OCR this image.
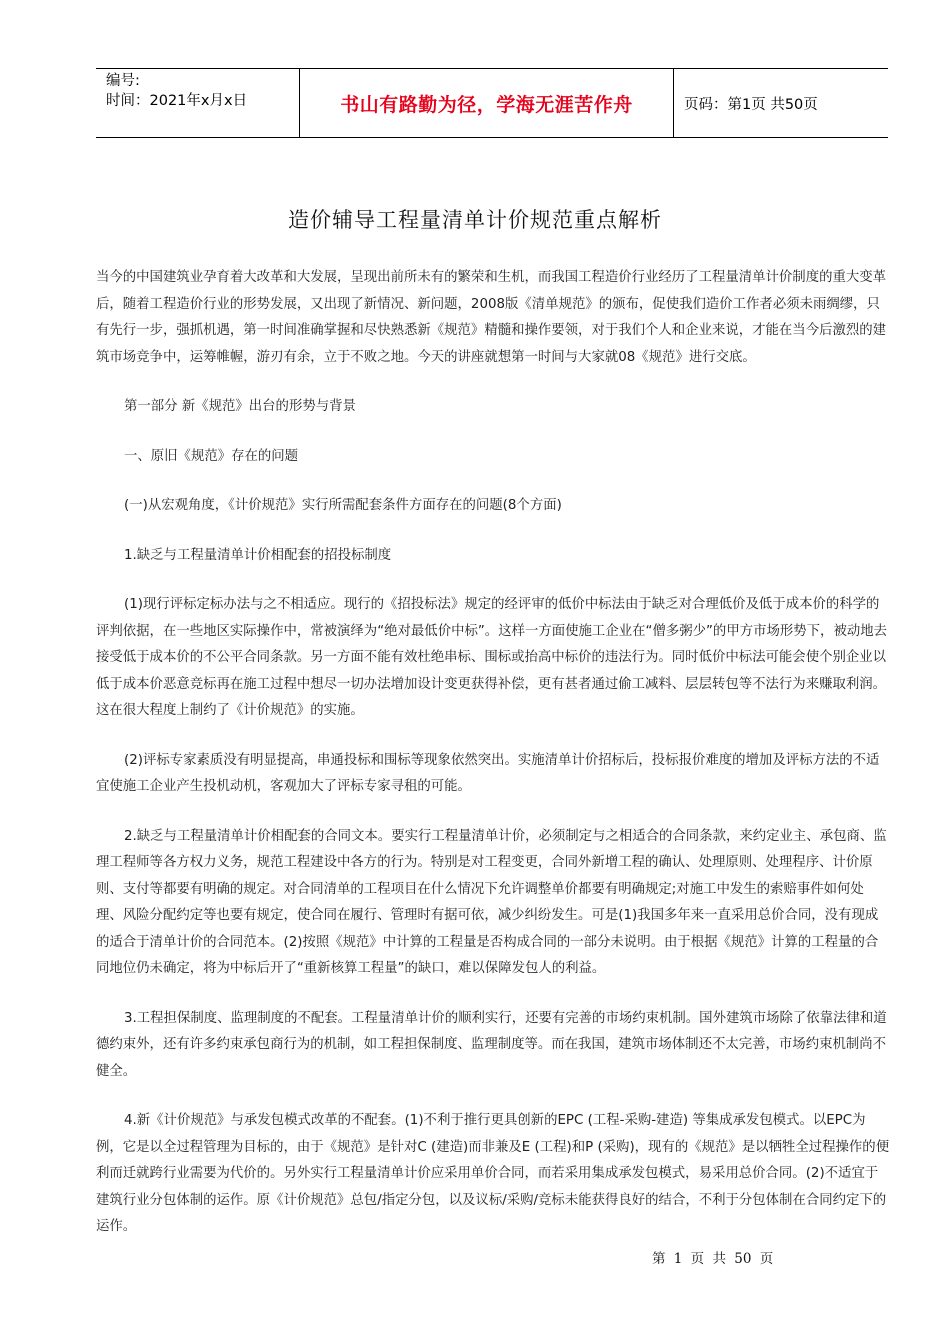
编号:
时间：2021年x月x日	书山有路勤为径，学海无涯苦作舟	页码：第1页 共50页
造价辅导工程量清单计价规范重点解析

当今的中国建筑业孕育着大改革和大发展，呈现出前所未有的繁荣和生机，而我国工程造价行业经历了工程量清单计价制度的重大变革后，随着工程造价行业的形势发展，又出现了新情况、新问题，2008版《清单规范》的颁布，促使我们造价工作者必须未雨绸缪，只有先行一步，强抓机遇，第一时间准确掌握和尽快熟悉新《规范》精髓和操作要领，对于我们个人和企业来说，才能在当今后激烈的建筑市场竞争中，运筹帷幄，游刃有余，立于不败之地。今天的讲座就想第一时间与大家就08《规范》进行交底。

第一部分 新《规范》出台的形势与背景

一、原旧《规范》存在的问题

(一)从宏观角度，《计价规范》实行所需配套条件方面存在的问题(8个方面)

1.缺乏与工程量清单计价相配套的招投标制度

(1)现行评标定标办法与之不相适应。现行的《招投标法》规定的经评审的低价中标法由于缺乏对合理低价及低于成本价的科学的评判依据，在一些地区实际操作中，常被演绎为“绝对最低价中标”。这样一方面使施工企业在“僧多粥少”的甲方市场形势下，被动地去接受低于成本价的不公平合同条款。另一方面不能有效杜绝串标、围标或抬高中标价的违法行为。同时低价中标法可能会使个别企业以低于成本价恶意竞标再在施工过程中想尽一切办法增加设计变更获得补偿，更有甚者通过偷工减料、层层转包等不法行为来赚取利润。这在很大程度上制约了《计价规范》的实施。

(2)评标专家素质没有明显提高，串通投标和围标等现象依然突出。实施清单计价招标后，投标报价难度的增加及评标方法的不适宜使施工企业产生投机动机，客观加大了评标专家寻租的可能。

2.缺乏与工程量清单计价相配套的合同文本。要实行工程量清单计价，必须制定与之相适合的合同条款，来约定业主、承包商、监理工程师等各方权力义务，规范工程建设中各方的行为。特别是对工程变更，合同外新增工程的确认、处理原则、处理程序、计价原则、支付等都要有明确的规定。对合同清单的工程项目在什么情况下允许调整单价都要有明确规定;对施工中发生的索赔事件如何处理、风险分配约定等也要有规定，使合同在履行、管理时有据可依，减少纠纷发生。可是(1)我国多年来一直采用总价合同，没有现成的适合于清单计价的合同范本。(2)按照《规范》中计算的工程量是否构成合同的一部分未说明。由于根据《规范》计算的工程量的合同地位仍未确定，将为中标后开了“重新核算工程量”的缺口，难以保障发包人的利益。

3.工程担保制度、监理制度的不配套。工程量清单计价的顺利实行，还要有完善的市场约束机制。国外建筑市场除了依靠法律和道德约束外，还有许多约束承包商行为的机制，如工程担保制度、监理制度等。而在我国，建筑市场体制还不太完善，市场约束机制尚不健全。

4.新《计价规范》与承发包模式改革的不配套。(1)不利于推行更具创新的EPC (工程-采购-建造) 等集成承发包模式。以EPC为例，它是以全过程管理为目标的，由于《规范》是针对C (建造)而非兼及E (工程)和P (采购)，现有的《规范》是以牺牲全过程操作的便利而迁就跨行业需要为代价的。另外实行工程量清单计价应采用单价合同，而若采用集成承发包模式，易采用总价合同。(2)不适宜于建筑行业分包体制的运作。原《计价规范》总包/指定分包，以及议标/采购/竞标未能获得良好的结合，不利于分包体制在合同约定下的运作。

第 1 页 共 50 页
